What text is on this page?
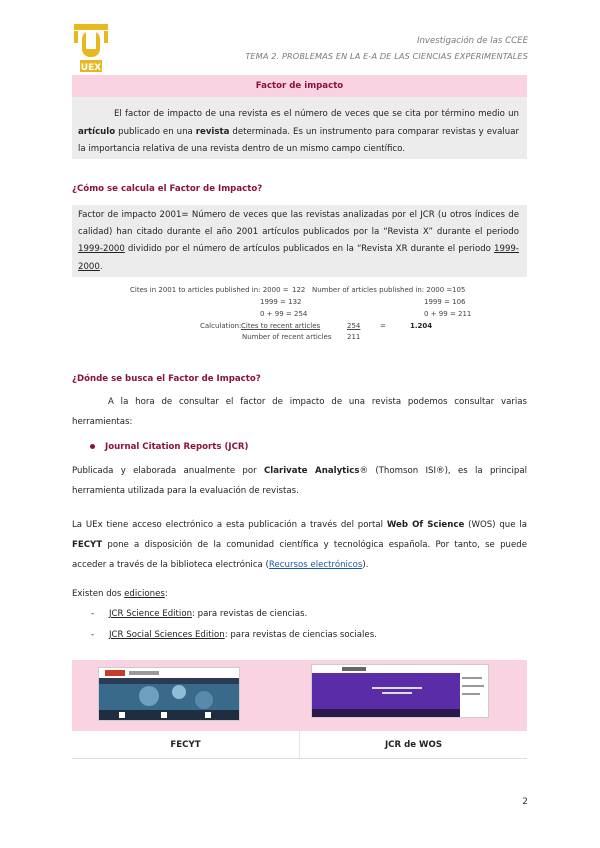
UEX
Investigación de las CCEE
TEMA 2. PROBLEMAS EN LA E-A DE LAS CIENCIAS EXPERIMENTALES
Factor de impacto
El factor de impacto de una revista es el número de veces que se cita por término medio un artículo publicado en una revista determinada. Es un instrumento para comparar revistas y evaluar la importancia relativa de una revista dentro de un mismo campo científico.
¿Cómo se calcula el Factor de Impacto?
Factor de impacto 2001= Número de veces que las revistas analizadas por el JCR (u otros índices de calidad) han citado durante el año 2001 artículos publicados por la “Revista X” durante el periodo 1999-2000 dividido por el número de artículos publicados en la “Revista XR durante el periodo 1999-2000.
Cites in 2001 to articles published in: 2000 = 122
1999 = 132
0 + 99 = 254
Number of articles published in: 2000 = 105
1999 = 106
0 + 99 = 211
Calculation: Cites to recent articles
Number of recent articles
254
211
=	1.204
¿Dónde se busca el Factor de Impacto?
A la hora de consultar el factor de impacto de una revista podemos consultar varias herramientas:
Journal Citation Reports (JCR)
Publicada y elaborada anualmente por Clarivate Analytics® (Thomson ISI®), es la principal herramienta utilizada para la evaluación de revistas.
La UEx tiene acceso electrónico a esta publicación a través del portal Web Of Science (WOS) que la FECYT pone a disposición de la comunidad científica y tecnológica española. Por tanto, se puede acceder a través de la biblioteca electrónica (Recursos electrónicos).
Existen dos ediciones:
- JCR Science Edition: para revistas de ciencias.
- JCR Social Sciences Edition: para revistas de ciencias sociales.
FECYT	JCR de WOS
2
